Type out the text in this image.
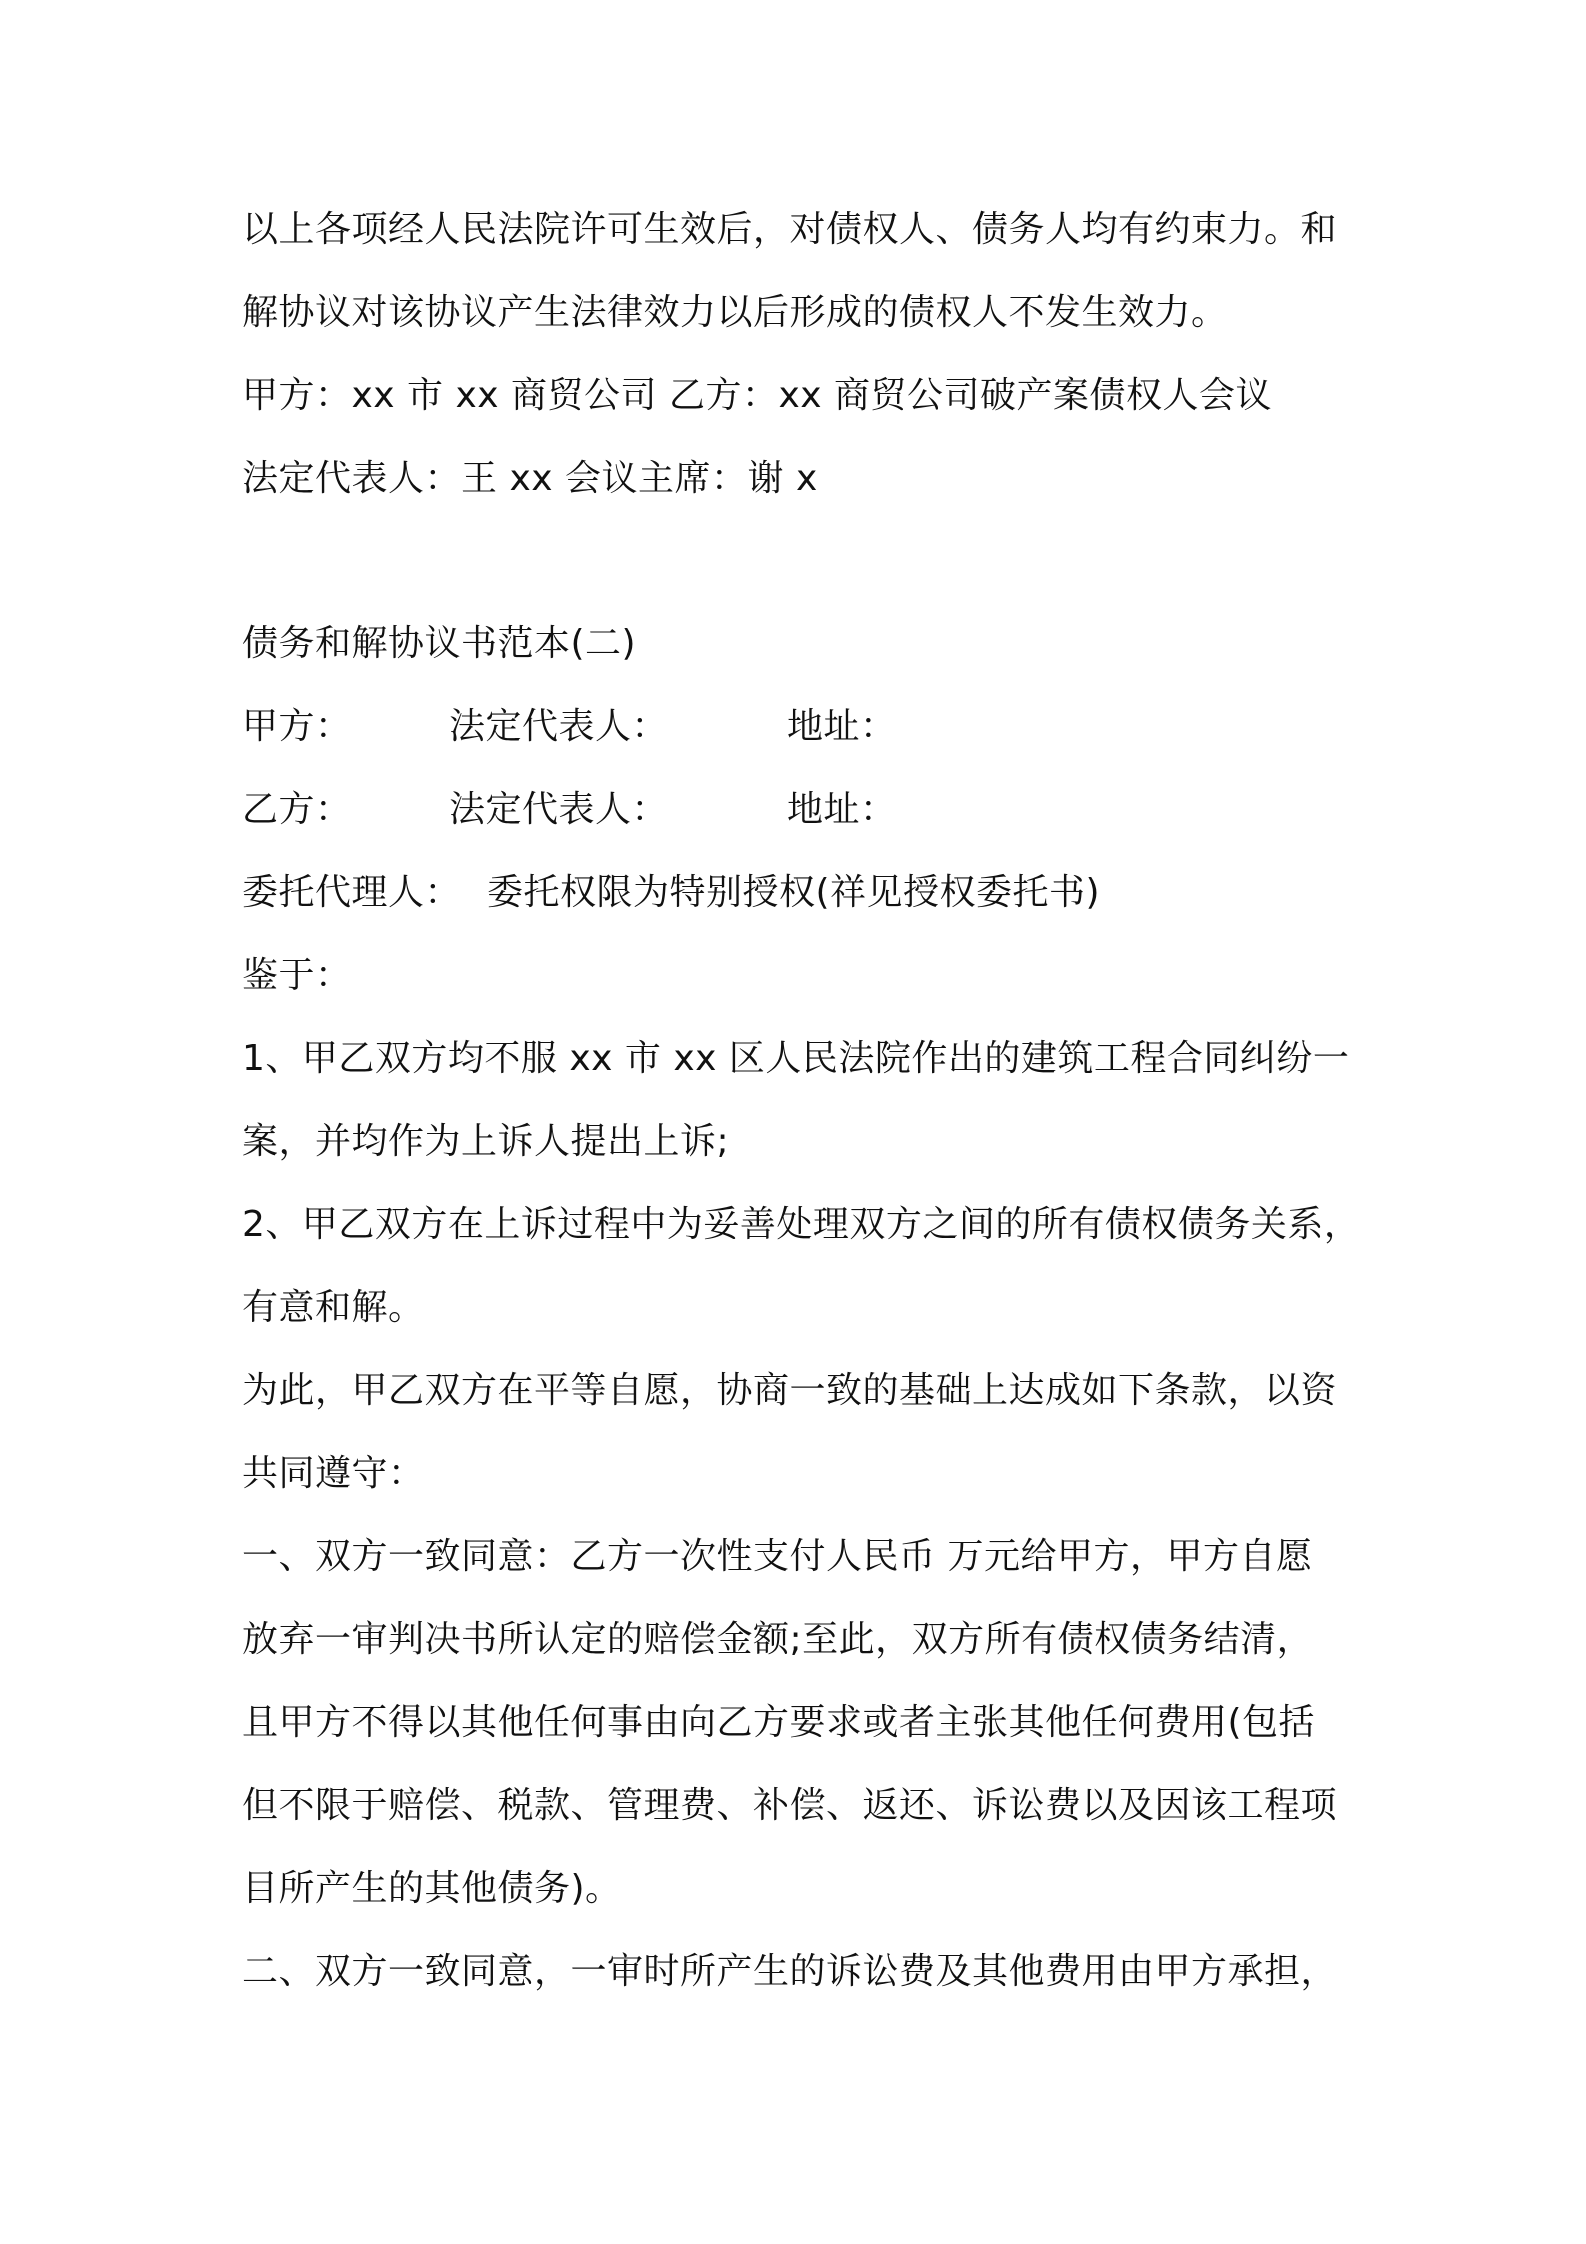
以上各项经人民法院许可生效后，对债权人、债务人均有约束力。和
解协议对该协议产生法律效力以后形成的债权人不发生效力。
甲方：xx 市 xx 商贸公司 乙方：xx 商贸公司破产案债权人会议
法定代表人：王 xx 会议主席：谢 x
债务和解协议书范本(二)
甲方：	法定代表人：	地址：
乙方：	法定代表人：	地址：
委托代理人： 委托权限为特别授权(祥见授权委托书)
鉴于：
1、甲乙双方均不服 xx 市 xx 区人民法院作出的建筑工程合同纠纷一
案，并均作为上诉人提出上诉;
2、甲乙双方在上诉过程中为妥善处理双方之间的所有债权债务关系，
有意和解。
为此，甲乙双方在平等自愿，协商一致的基础上达成如下条款，以资
共同遵守：
一、双方一致同意：乙方一次性支付人民币 万元给甲方，甲方自愿
放弃一审判决书所认定的赔偿金额;至此，双方所有债权债务结清，
且甲方不得以其他任何事由向乙方要求或者主张其他任何费用(包括
但不限于赔偿、税款、管理费、补偿、返还、诉讼费以及因该工程项
目所产生的其他债务)。
二、双方一致同意，一审时所产生的诉讼费及其他费用由甲方承担，
